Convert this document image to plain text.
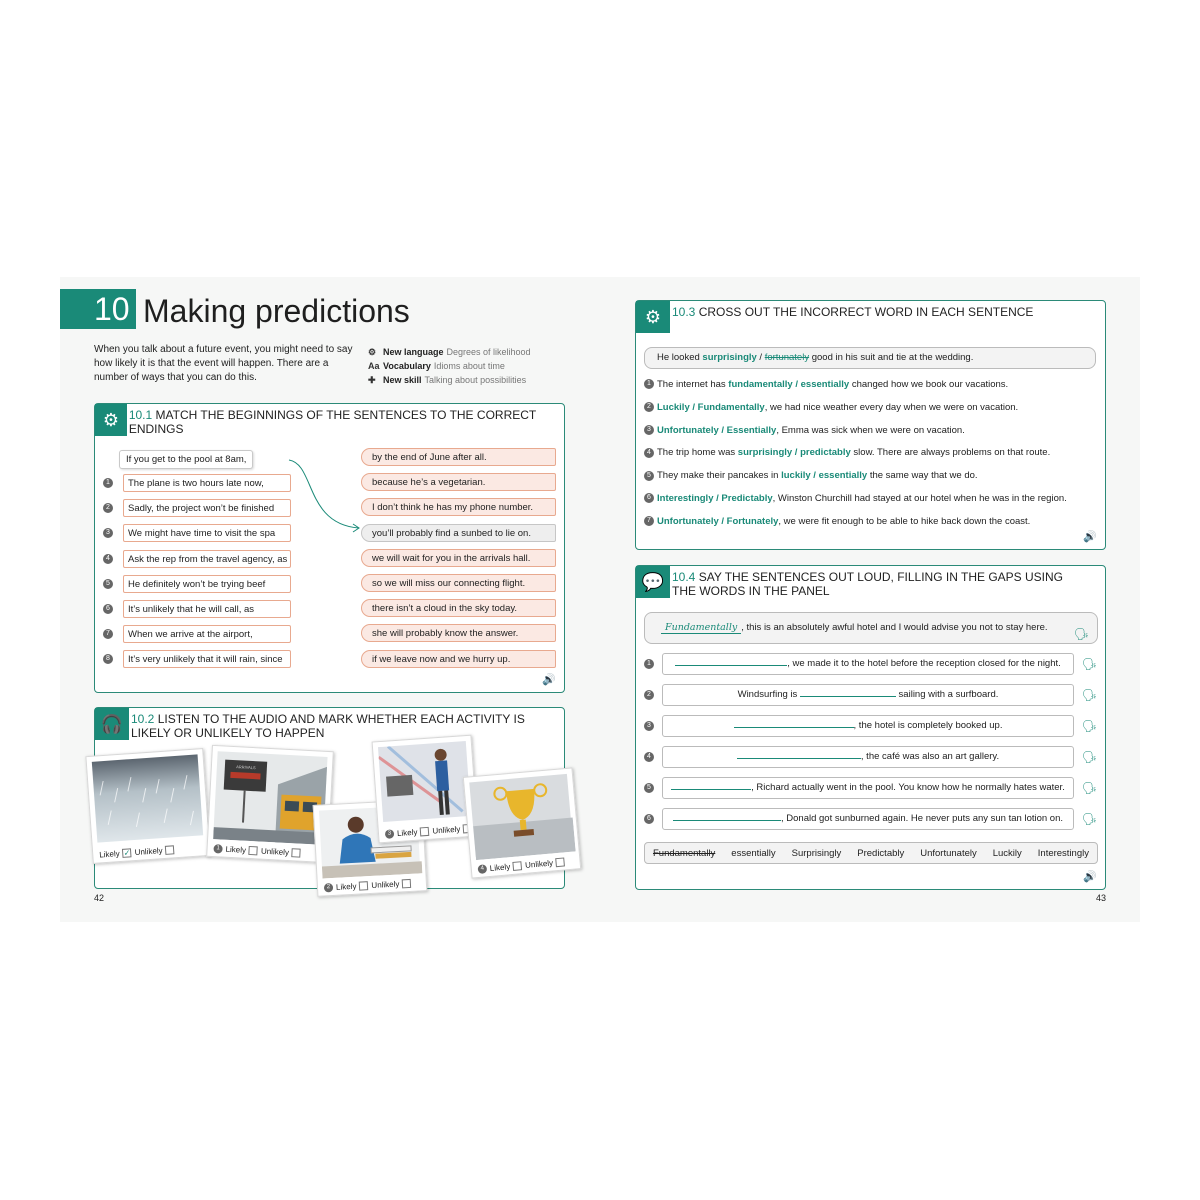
10 Making predictions
When you talk about a future event, you might need to say how likely it is that the event will happen. There are a number of ways that you can do this.
⚙ New language Degrees of likelihood
Aa Vocabulary Idioms about time
✚ New skill Talking about possibilities
⚙ 10.1 MATCH THE BEGINNINGS OF THE SENTENCES TO THE CORRECT ENDINGS
If you get to the pool at 8am,
1	The plane is two hours late now,
2	Sadly, the project won’t be finished
3	We might have time to visit the spa
4	Ask the rep from the travel agency, as
5	He definitely won’t be trying beef
6	It’s unlikely that he will call, as
7	When we arrive at the airport,
8	It’s very unlikely that it will rain, since
by the end of June after all.
because he’s a vegetarian.
I don’t think he has my phone number.
you’ll probably find a sunbed to lie on.
we will wait for you in the arrivals hall.
so we will miss our connecting flight.
there isn’t a cloud in the sky today.
she will probably know the answer.
if we leave now and we hurry up.
🔊
🎧 10.2 LISTEN TO THE AUDIO AND MARK WHETHER EACH ACTIVITY IS LIKELY OR UNLIKELY TO HAPPEN
Likely ✓ Unlikely
ARRIVALS
1 Likely Unlikely
2 Likely Unlikely
3 Likely Unlikely
4 Likely Unlikely
42
⚙ 10.3 CROSS OUT THE INCORRECT WORD IN EACH SENTENCE
He looked surprisingly / fortunately good in his suit and tie at the wedding.
1 The internet has fundamentally / essentially changed how we book our vacations.
2 Luckily / Fundamentally, we had nice weather every day when we were on vacation.
3 Unfortunately / Essentially, Emma was sick when we were on vacation.
4 The trip home was surprisingly / predictably slow. There are always problems on that route.
5 They make their pancakes in luckily / essentially the same way that we do.
6 Interestingly / Predictably, Winston Churchill had stayed at our hotel when he was in the region.
7 Unfortunately / Fortunately, we were fit enough to be able to hike back down the coast.
🔊
💬 10.4 SAY THE SENTENCES OUT LOUD, FILLING IN THE GAPS USING THE WORDS IN THE PANEL
Fundamentally , this is an absolutely awful hotel and I would advise you not to stay here. 🗣
1	, we made it to the hotel before the reception closed for the night.	🗣
2	Windsurfing is	sailing with a surfboard.	🗣
3	, the hotel is completely booked up.	🗣
4	, the café was also an art gallery.	🗣
5	, Richard actually went in the pool. You know how he normally hates water.	🗣
6	, Donald got sunburned again. He never puts any sun tan lotion on.	🗣
Fundamentally essentially Surprisingly Predictably Unfortunately Luckily Interestingly
🔊
43
